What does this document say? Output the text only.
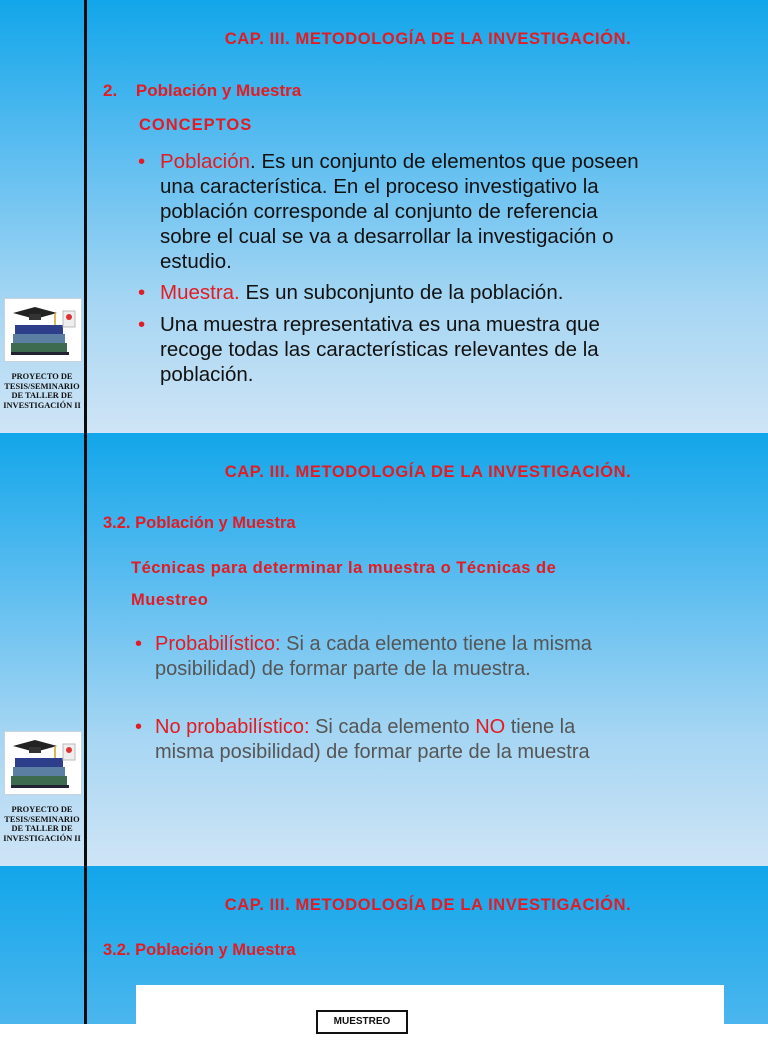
PROYECTO DE
TESIS/SEMINARIO
DE TALLER DE
INVESTIGACIÓN II
CAP. III. METODOLOGÍA DE LA INVESTIGACIÓN.
2. Población y Muestra
CONCEPTOS
• Población. Es un conjunto de elementos que poseen
una característica. En el proceso investigativo la
población corresponde al conjunto de referencia
sobre el cual se va a desarrollar la investigación o
estudio.
• Muestra. Es un subconjunto de la población.
• Una muestra representativa es una muestra que
recoge todas las características relevantes de la
población.
PROYECTO DE
TESIS/SEMINARIO
DE TALLER DE
INVESTIGACIÓN II
CAP. III. METODOLOGÍA DE LA INVESTIGACIÓN.
3.2. Población y Muestra
Técnicas para determinar la muestra o Técnicas de
Muestreo
• Probabilístico: Si a cada elemento tiene la misma
posibilidad) de formar parte de la muestra.
• No probabilístico: Si cada elemento NO tiene la
misma posibilidad) de formar parte de la muestra
CAP. III. METODOLOGÍA DE LA INVESTIGACIÓN.
3.2. Población y Muestra
MUESTREO
